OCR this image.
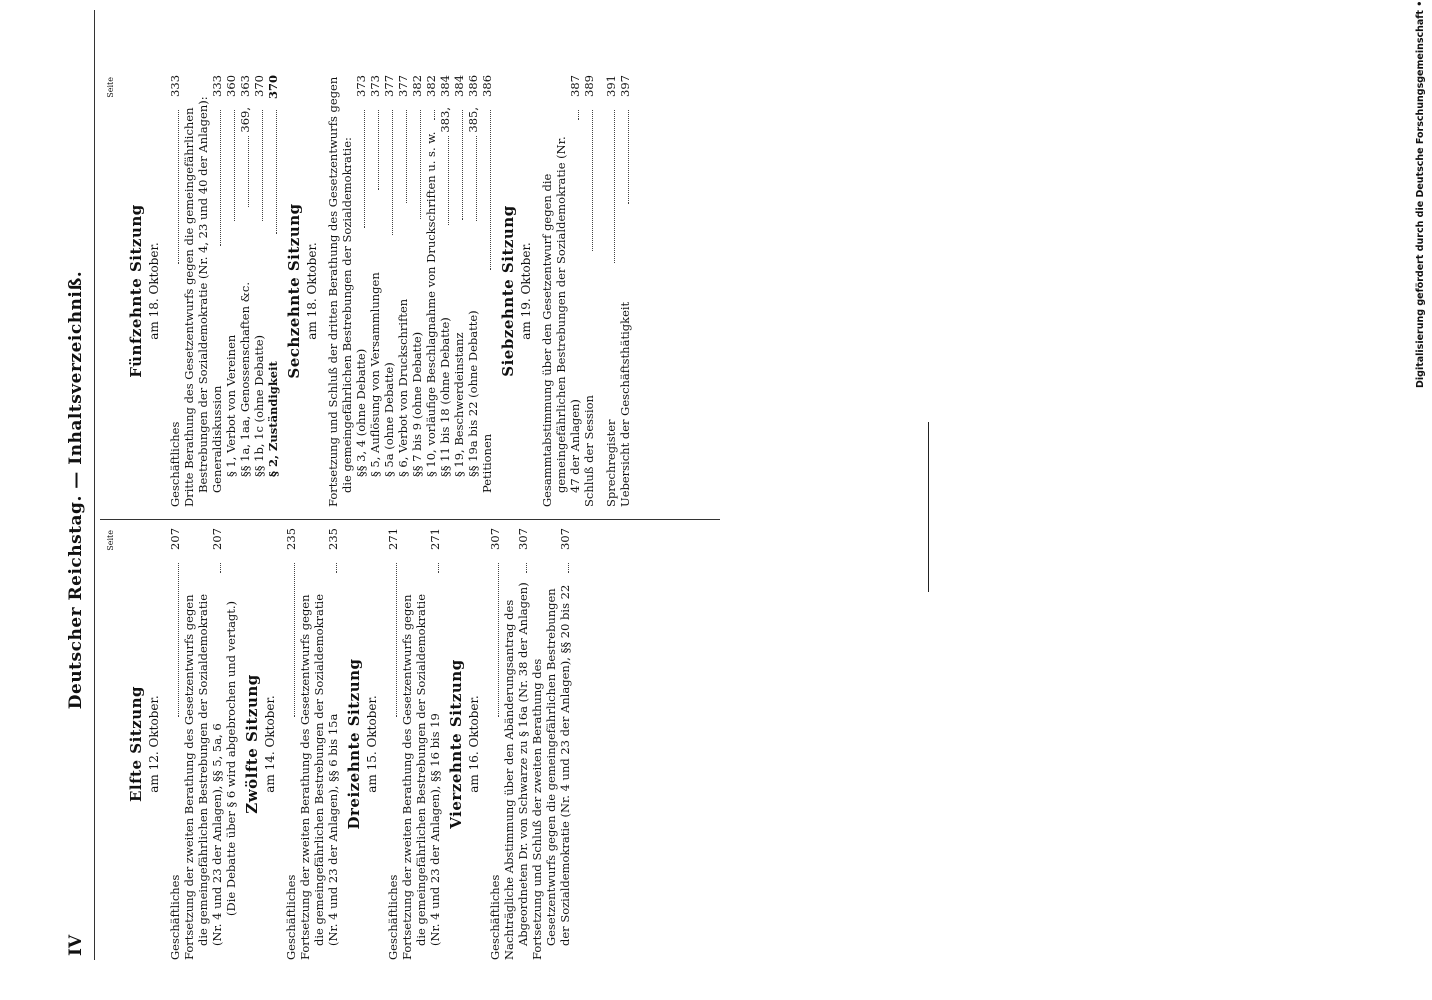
IV
Deutscher Reichstag. — Inhaltsverzeichniß.	Seite
Elfte Sitzung am 12. Oktober.
Geschäftliches
207
Fortsetzung der zweiten Berathung des Gesetzentwurfs gegen die gemeingefährlichen Bestrebungen der Sozialdemokratie (Nr. 4 und 23 der Anlagen), §§ 5, 5a, 6
207
(Die Debatte über § 6 wird abgebrochen und vertagt.) Zwölfte Sitzung am 14. Oktober.
Geschäftliches
235
Fortsetzung der zweiten Berathung des Gesetzentwurfs gegen die gemeingefährlichen Bestrebungen der Sozialdemokratie (Nr. 4 und 23 der Anlagen), §§ 6 bis 15a
235
Dreizehnte Sitzung am 15. Oktober.
Geschäftliches
271
Fortsetzung der zweiten Berathung des Gesetzentwurfs gegen die gemeingefährlichen Bestrebungen der Sozialdemokratie (Nr. 4 und 23 der Anlagen), §§ 16 bis 19
271
Vierzehnte Sitzung am 16. Oktober.
Geschäftliches
307
Nachträgliche Abstimmung über den Abänderungsantrag des Abgeordneten Dr. von Schwarze zu § 16a (Nr. 38 der Anlagen)
307
Fortsetzung und Schluß der zweiten Berathung des Gesetzentwurfs gegen die gemeingefährlichen Bestrebungen der Sozialdemokratie (Nr. 4 und 23 der Anlagen), §§ 20 bis 22
307
Seite
Fünfzehnte Sitzung am 18. Oktober.
Geschäftliches
333
Dritte Berathung des Gesetzentwurfs gegen die gemeingefährlichen Bestrebungen der Sozialdemokratie (Nr. 4, 23 und 40 der Anlagen): Generaldiskussion
333
§ 1, Verbot von Vereinen
360
§§ 1a, 1aa, Genossenschaften &c.
369,
363
§§ 1b, 1c (ohne Debatte)
370
§ 2, Zuständigkeit
370
Sechzehnte Sitzung am 18. Oktober. Fortsetzung und Schluß der dritten Berathung des Gesetzentwurfs gegen die gemeingefährlichen Bestrebungen der Sozialdemokratie: §§ 3, 4 (ohne Debatte)
373
§ 5, Auflösung von Versammlungen
373
§ 5a (ohne Debatte)
377
§ 6, Verbot von Druckschriften
377
§§ 7 bis 9 (ohne Debatte)
382
§ 10, vorläufige Beschlagnahme von Druckschriften u. s. w.
382
§§ 11 bis 18 (ohne Debatte)
383,
384
§ 19, Beschwerdeinstanz
384
§§ 19a bis 22 (ohne Debatte)
385,
386
Petitionen
386
Siebzehnte Sitzung am 19. Oktober. Gesammtabstimmung über den Gesetzentwurf gegen die gemeingefährlichen Bestrebungen der Sozialdemokratie (Nr. 47 der Anlagen)
387
Schluß der Session
389
Sprechregister
391
Uebersicht der Geschäftsthätigkeit
397	Digitalisierung gefördert durch die Deutsche Forschungsgemeinschaft •
